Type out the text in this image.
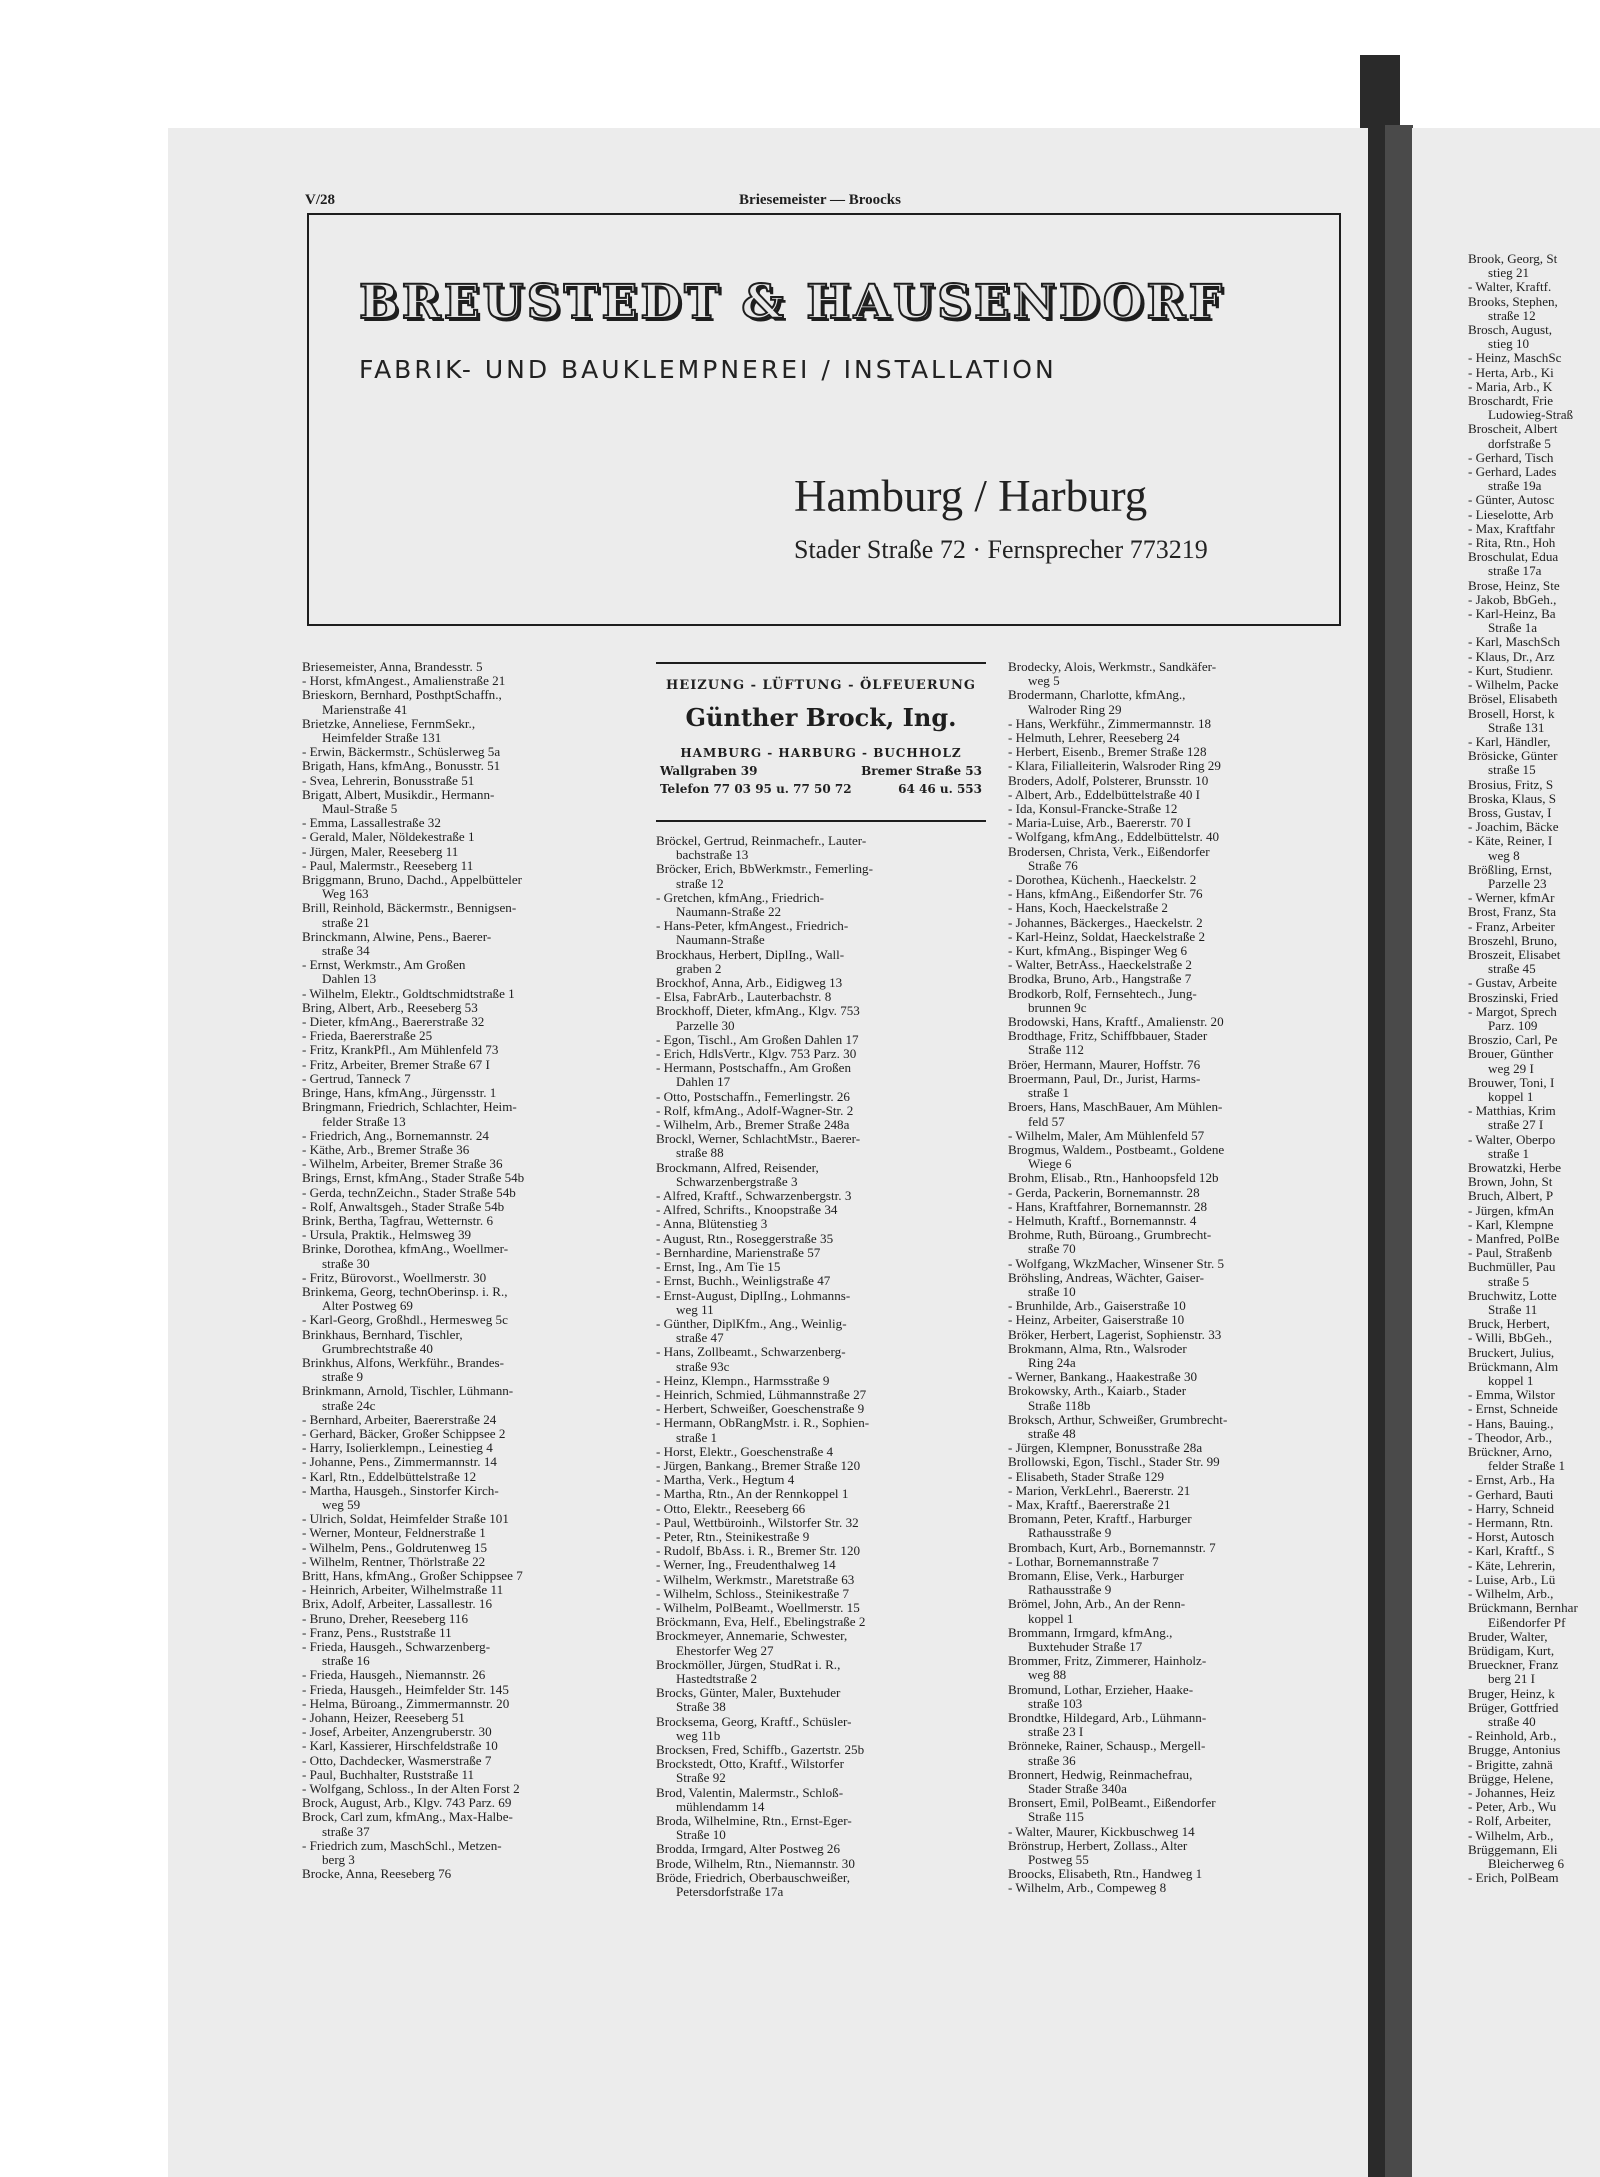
V/28	Briesemeister — Broocks
BREUSTEDT & HAUSENDORF
FABRIK- UND BAUKLEMPNEREI / INSTALLATION
Hamburg / Harburg
Stader Straße 72 · Fernsprecher 773219
HEIZUNG - LÜFTUNG - ÖLFEUERUNG
Günther Brock, Ing.
HAMBURG - HARBURG - BUCHHOLZ
Wallgraben 39	Bremer Straße 53
Telefon 77 03 95 u. 77 50 72	64 46 u. 553
Briesemeister, Anna, Brandesstr. 5
- Horst, kfmAngest., Amalienstraße 21
Brieskorn, Bernhard, PosthptSchaffn.,
Marienstraße 41
Brietzke, Anneliese, FernmSekr.,
Heimfelder Straße 131
- Erwin, Bäckermstr., Schüslerweg 5a
Brigath, Hans, kfmAng., Bonusstr. 51
- Svea, Lehrerin, Bonusstraße 51
Brigatt, Albert, Musikdir., Hermann-
Maul-Straße 5
- Emma, Lassallestraße 32
- Gerald, Maler, Nöldekestraße 1
- Jürgen, Maler, Reeseberg 11
- Paul, Malermstr., Reeseberg 11
Briggmann, Bruno, Dachd., Appelbütteler
Weg 163
Brill, Reinhold, Bäckermstr., Bennigsen-
straße 21
Brinckmann, Alwine, Pens., Baerer-
straße 34
- Ernst, Werkmstr., Am Großen
Dahlen 13
- Wilhelm, Elektr., Goldtschmidtstraße 1
Bring, Albert, Arb., Reeseberg 53
- Dieter, kfmAng., Baererstraße 32
- Frieda, Baererstraße 25
- Fritz, KrankPfl., Am Mühlenfeld 73
- Fritz, Arbeiter, Bremer Straße 67 I
- Gertrud, Tanneck 7
Bringe, Hans, kfmAng., Jürgensstr. 1
Bringmann, Friedrich, Schlachter, Heim-
felder Straße 13
- Friedrich, Ang., Bornemannstr. 24
- Käthe, Arb., Bremer Straße 36
- Wilhelm, Arbeiter, Bremer Straße 36
Brings, Ernst, kfmAng., Stader Straße 54b
- Gerda, technZeichn., Stader Straße 54b
- Rolf, Anwaltsgeh., Stader Straße 54b
Brink, Bertha, Tagfrau, Wetternstr. 6
- Ursula, Praktik., Helmsweg 39
Brinke, Dorothea, kfmAng., Woellmer-
straße 30
- Fritz, Bürovorst., Woellmerstr. 30
Brinkema, Georg, technOberinsp. i. R.,
Alter Postweg 69
- Karl-Georg, Großhdl., Hermesweg 5c
Brinkhaus, Bernhard, Tischler,
Grumbrechtstraße 40
Brinkhus, Alfons, Werkführ., Brandes-
straße 9
Brinkmann, Arnold, Tischler, Lühmann-
straße 24c
- Bernhard, Arbeiter, Baererstraße 24
- Gerhard, Bäcker, Großer Schippsee 2
- Harry, Isolierklempn., Leinestieg 4
- Johanne, Pens., Zimmermannstr. 14
- Karl, Rtn., Eddelbüttelstraße 12
- Martha, Hausgeh., Sinstorfer Kirch-
weg 59
- Ulrich, Soldat, Heimfelder Straße 101
- Werner, Monteur, Feldnerstraße 1
- Wilhelm, Pens., Goldrutenweg 15
- Wilhelm, Rentner, Thörlstraße 22
Britt, Hans, kfmAng., Großer Schippsee 7
- Heinrich, Arbeiter, Wilhelmstraße 11
Brix, Adolf, Arbeiter, Lassallestr. 16
- Bruno, Dreher, Reeseberg 116
- Franz, Pens., Ruststraße 11
- Frieda, Hausgeh., Schwarzenberg-
straße 16
- Frieda, Hausgeh., Niemannstr. 26
- Frieda, Hausgeh., Heimfelder Str. 145
- Helma, Büroang., Zimmermannstr. 20
- Johann, Heizer, Reeseberg 51
- Josef, Arbeiter, Anzengruberstr. 30
- Karl, Kassierer, Hirschfeldstraße 10
- Otto, Dachdecker, Wasmerstraße 7
- Paul, Buchhalter, Ruststraße 11
- Wolfgang, Schloss., In der Alten Forst 2
Brock, August, Arb., Klgv. 743 Parz. 69
Brock, Carl zum, kfmAng., Max-Halbe-
straße 37
- Friedrich zum, MaschSchl., Metzen-
berg 3
Brocke, Anna, Reeseberg 76
Bröckel, Gertrud, Reinmachefr., Lauter-
bachstraße 13
Bröcker, Erich, BbWerkmstr., Femerling-
straße 12
- Gretchen, kfmAng., Friedrich-
Naumann-Straße 22
- Hans-Peter, kfmAngest., Friedrich-
Naumann-Straße
Brockhaus, Herbert, DiplIng., Wall-
graben 2
Brockhof, Anna, Arb., Eidigweg 13
- Elsa, FabrArb., Lauterbachstr. 8
Brockhoff, Dieter, kfmAng., Klgv. 753
Parzelle 30
- Egon, Tischl., Am Großen Dahlen 17
- Erich, HdlsVertr., Klgv. 753 Parz. 30
- Hermann, Postschaffn., Am Großen
Dahlen 17
- Otto, Postschaffn., Femerlingstr. 26
- Rolf, kfmAng., Adolf-Wagner-Str. 2
- Wilhelm, Arb., Bremer Straße 248a
Brockl, Werner, SchlachtMstr., Baerer-
straße 88
Brockmann, Alfred, Reisender,
Schwarzenbergstraße 3
- Alfred, Kraftf., Schwarzenbergstr. 3
- Alfred, Schrifts., Knoopstraße 34
- Anna, Blütenstieg 3
- August, Rtn., Roseggerstraße 35
- Bernhardine, Marienstraße 57
- Ernst, Ing., Am Tie 15
- Ernst, Buchh., Weinligstraße 47
- Ernst-August, DiplIng., Lohmanns-
weg 11
- Günther, DiplKfm., Ang., Weinlig-
straße 47
- Hans, Zollbeamt., Schwarzenberg-
straße 93c
- Heinz, Klempn., Harmsstraße 9
- Heinrich, Schmied, Lühmannstraße 27
- Herbert, Schweißer, Goeschenstraße 9
- Hermann, ObRangMstr. i. R., Sophien-
straße 1
- Horst, Elektr., Goeschenstraße 4
- Jürgen, Bankang., Bremer Straße 120
- Martha, Verk., Hegtum 4
- Martha, Rtn., An der Rennkoppel 1
- Otto, Elektr., Reeseberg 66
- Paul, Wettbüroinh., Wilstorfer Str. 32
- Peter, Rtn., Steinikestraße 9
- Rudolf, BbAss. i. R., Bremer Str. 120
- Werner, Ing., Freudenthalweg 14
- Wilhelm, Werkmstr., Maretstraße 63
- Wilhelm, Schloss., Steinikestraße 7
- Wilhelm, PolBeamt., Woellmerstr. 15
Bröckmann, Eva, Helf., Ebelingstraße 2
Brockmeyer, Annemarie, Schwester,
Ehestorfer Weg 27
Brockmöller, Jürgen, StudRat i. R.,
Hastedtstraße 2
Brocks, Günter, Maler, Buxtehuder
Straße 38
Brocksema, Georg, Kraftf., Schüsler-
weg 11b
Brocksen, Fred, Schiffb., Gazertstr. 25b
Brockstedt, Otto, Kraftf., Wilstorfer
Straße 92
Brod, Valentin, Malermstr., Schloß-
mühlendamm 14
Broda, Wilhelmine, Rtn., Ernst-Eger-
Straße 10
Brodda, Irmgard, Alter Postweg 26
Brode, Wilhelm, Rtn., Niemannstr. 30
Bröde, Friedrich, Oberbauschweißer,
Petersdorfstraße 17a
Brodecky, Alois, Werkmstr., Sandkäfer-
weg 5
Brodermann, Charlotte, kfmAng.,
Walroder Ring 29
- Hans, Werkführ., Zimmermannstr. 18
- Helmuth, Lehrer, Reeseberg 24
- Herbert, Eisenb., Bremer Straße 128
- Klara, Filialleiterin, Walsroder Ring 29
Broders, Adolf, Polsterer, Brunsstr. 10
- Albert, Arb., Eddelbüttelstraße 40 I
- Ida, Konsul-Francke-Straße 12
- Maria-Luise, Arb., Baererstr. 70 I
- Wolfgang, kfmAng., Eddelbüttelstr. 40
Brodersen, Christa, Verk., Eißendorfer
Straße 76
- Dorothea, Küchenh., Haeckelstr. 2
- Hans, kfmAng., Eißendorfer Str. 76
- Hans, Koch, Haeckelstraße 2
- Johannes, Bäckerges., Haeckelstr. 2
- Karl-Heinz, Soldat, Haeckelstraße 2
- Kurt, kfmAng., Bispinger Weg 6
- Walter, BetrAss., Haeckelstraße 2
Brodka, Bruno, Arb., Hangstraße 7
Brodkorb, Rolf, Fernsehtech., Jung-
brunnen 9c
Brodowski, Hans, Kraftf., Amalienstr. 20
Brodthage, Fritz, Schiffbbauer, Stader
Straße 112
Bröer, Hermann, Maurer, Hoffstr. 76
Broermann, Paul, Dr., Jurist, Harms-
straße 1
Broers, Hans, MaschBauer, Am Mühlen-
feld 57
- Wilhelm, Maler, Am Mühlenfeld 57
Brogmus, Waldem., Postbeamt., Goldene
Wiege 6
Brohm, Elisab., Rtn., Hanhoopsfeld 12b
- Gerda, Packerin, Bornemannstr. 28
- Hans, Kraftfahrer, Bornemannstr. 28
- Helmuth, Kraftf., Bornemannstr. 4
Brohme, Ruth, Büroang., Grumbrecht-
straße 70
- Wolfgang, WkzMacher, Winsener Str. 5
Bröhsling, Andreas, Wächter, Gaiser-
straße 10
- Brunhilde, Arb., Gaiserstraße 10
- Heinz, Arbeiter, Gaiserstraße 10
Bröker, Herbert, Lagerist, Sophienstr. 33
Brokmann, Alma, Rtn., Walsroder
Ring 24a
- Werner, Bankang., Haakestraße 30
Brokowsky, Arth., Kaiarb., Stader
Straße 118b
Broksch, Arthur, Schweißer, Grumbrecht-
straße 48
- Jürgen, Klempner, Bonusstraße 28a
Brollowski, Egon, Tischl., Stader Str. 99
- Elisabeth, Stader Straße 129
- Marion, VerkLehrl., Baererstr. 21
- Max, Kraftf., Baererstraße 21
Bromann, Peter, Kraftf., Harburger
Rathausstraße 9
Brombach, Kurt, Arb., Bornemannstr. 7
- Lothar, Bornemannstraße 7
Bromann, Elise, Verk., Harburger
Rathausstraße 9
Brömel, John, Arb., An der Renn-
koppel 1
Brommann, Irmgard, kfmAng.,
Buxtehuder Straße 17
Brommer, Fritz, Zimmerer, Hainholz-
weg 88
Bromund, Lothar, Erzieher, Haake-
straße 103
Brondtke, Hildegard, Arb., Lühmann-
straße 23 I
Brönneke, Rainer, Schausp., Mergell-
straße 36
Bronnert, Hedwig, Reinmachefrau,
Stader Straße 340a
Bronsert, Emil, PolBeamt., Eißendorfer
Straße 115
- Walter, Maurer, Kickbuschweg 14
Brönstrup, Herbert, Zollass., Alter
Postweg 55
Broocks, Elisabeth, Rtn., Handweg 1
- Wilhelm, Arb., Compeweg 8
Brook, Georg, St
stieg 21
- Walter, Kraftf.
Brooks, Stephen,
straße 12
Brosch, August,
stieg 10
- Heinz, MaschSc
- Herta, Arb., Ki
- Maria, Arb., K
Broschardt, Frie
Ludowieg-Straß
Broscheit, Albert
dorfstraße 5
- Gerhard, Tisch
- Gerhard, Lades
straße 19a
- Günter, Autosc
- Lieselotte, Arb
- Max, Kraftfahr
- Rita, Rtn., Hoh
Broschulat, Edua
straße 17a
Brose, Heinz, Ste
- Jakob, BbGeh.,
- Karl-Heinz, Ba
Straße 1a
- Karl, MaschSch
- Klaus, Dr., Arz
- Kurt, Studienr.
- Wilhelm, Packe
Brösel, Elisabeth
Brosell, Horst, k
Straße 131
- Karl, Händler,
Brösicke, Günter
straße 15
Brosius, Fritz, S
Broska, Klaus, S
Bross, Gustav, I
- Joachim, Bäcke
- Käte, Reiner, I
weg 8
Brößling, Ernst,
Parzelle 23
- Werner, kfmAr
Brost, Franz, Sta
- Franz, Arbeiter
Broszehl, Bruno,
Broszeit, Elisabet
straße 45
- Gustav, Arbeite
Broszinski, Fried
- Margot, Sprech
Parz. 109
Broszio, Carl, Pe
Brouer, Günther
weg 29 I
Brouwer, Toni, I
koppel 1
- Matthias, Krim
straße 27 I
- Walter, Oberpo
straße 1
Browatzki, Herbe
Brown, John, St
Bruch, Albert, P
- Jürgen, kfmAn
- Karl, Klempne
- Manfred, PolBe
- Paul, Straßenb
Buchmüller, Pau
straße 5
Bruchwitz, Lotte
Straße 11
Bruck, Herbert,
- Willi, BbGeh.,
Bruckert, Julius,
Brückmann, Alm
koppel 1
- Emma, Wilstor
- Ernst, Schneide
- Hans, Bauing.,
- Theodor, Arb.,
Brückner, Arno,
felder Straße 1
- Ernst, Arb., Ha
- Gerhard, Bauti
- Harry, Schneid
- Hermann, Rtn.
- Horst, Autosch
- Karl, Kraftf., S
- Käte, Lehrerin,
- Luise, Arb., Lü
- Wilhelm, Arb.,
Brückmann, Bernhar
Eißendorfer Pf
Bruder, Walter,
Brüdigam, Kurt,
Brueckner, Franz
berg 21 I
Bruger, Heinz, k
Brüger, Gottfried
straße 40
- Reinhold, Arb.,
Brugge, Antonius
- Brigitte, zahnä
Brügge, Helene,
- Johannes, Heiz
- Peter, Arb., Wu
- Rolf, Arbeiter,
- Wilhelm, Arb.,
Brüggemann, Eli
Bleicherweg 6
- Erich, PolBeam
